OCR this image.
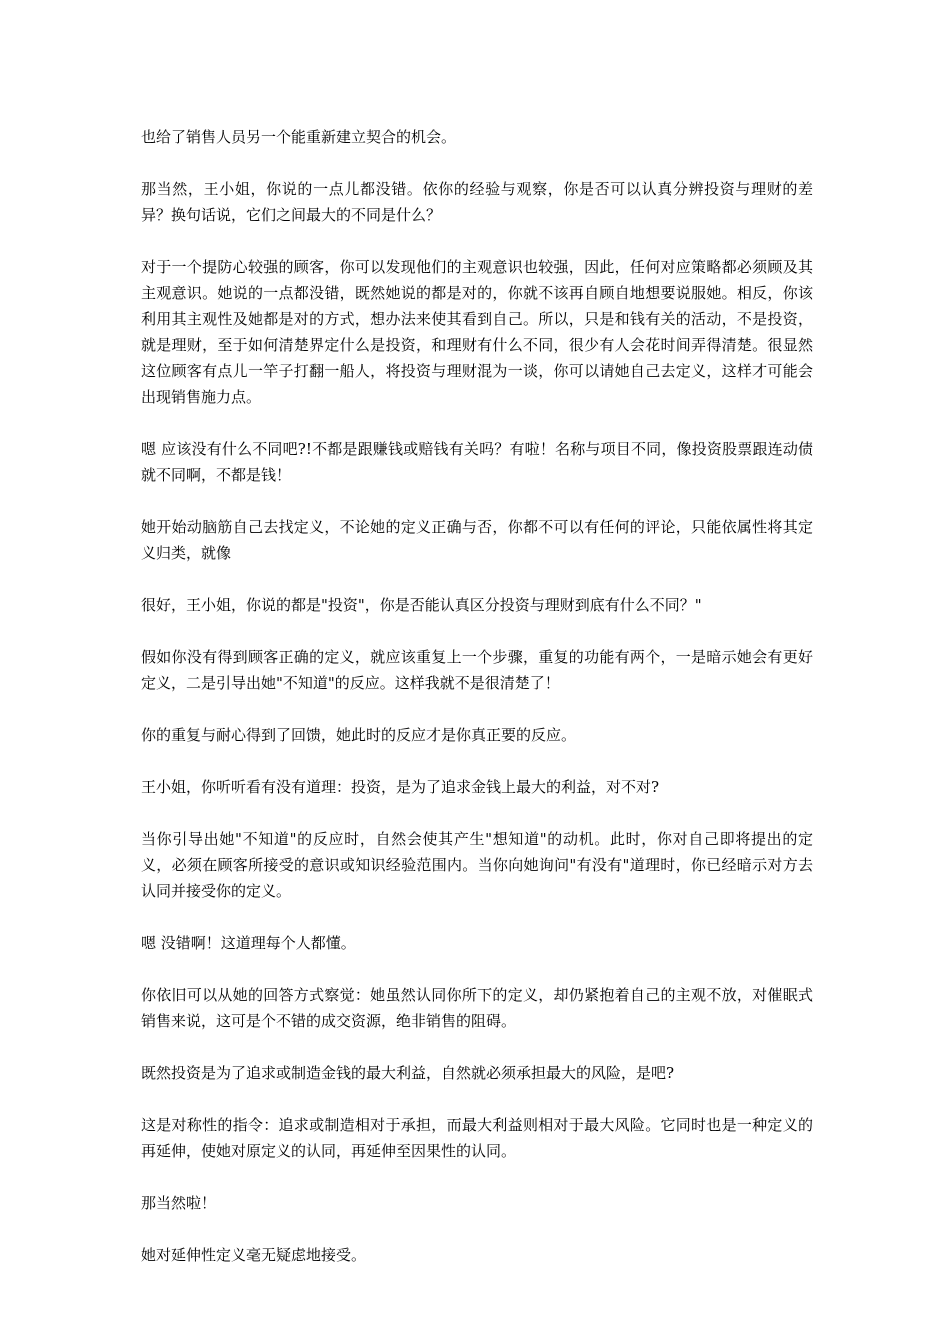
也给了销售人员另一个能重新建立契合的机会。

那当然，王小姐，你说的一点儿都没错。依你的经验与观察，你是否可以认真分辨投资与理财的差异？换句话说，它们之间最大的不同是什么？

对于一个提防心较强的顾客，你可以发现他们的主观意识也较强，因此，任何对应策略都必须顾及其主观意识。她说的一点都没错，既然她说的都是对的，你就不该再自顾自地想要说服她。相反，你该利用其主观性及她都是对的方式，想办法来使其看到自己。所以，只是和钱有关的活动，不是投资，就是理财，至于如何清楚界定什么是投资，和理财有什么不同，很少有人会花时间弄得清楚。很显然这位顾客有点儿一竿子打翻一船人，将投资与理财混为一谈，你可以请她自己去定义，这样才可能会出现销售施力点。

嗯 应该没有什么不同吧?!不都是跟赚钱或赔钱有关吗？有啦！名称与项目不同，像投资股票跟连动债就不同啊，不都是钱！

她开始动脑筋自己去找定义，不论她的定义正确与否，你都不可以有任何的评论，只能依属性将其定义归类，就像

很好，王小姐，你说的都是"投资"，你是否能认真区分投资与理财到底有什么不同？"

假如你没有得到顾客正确的定义，就应该重复上一个步骤，重复的功能有两个，一是暗示她会有更好定义，二是引导出她"不知道"的反应。这样我就不是很清楚了！

你的重复与耐心得到了回馈，她此时的反应才是你真正要的反应。

王小姐，你听听看有没有道理：投资，是为了追求金钱上最大的利益，对不对?

当你引导出她"不知道"的反应时，自然会使其产生"想知道"的动机。此时，你对自己即将提出的定义，必须在顾客所接受的意识或知识经验范围内。当你向她询问"有没有"道理时，你已经暗示对方去认同并接受你的定义。

嗯 没错啊！这道理每个人都懂。

你依旧可以从她的回答方式察觉：她虽然认同你所下的定义，却仍紧抱着自己的主观不放，对催眠式销售来说，这可是个不错的成交资源，绝非销售的阻碍。

既然投资是为了追求或制造金钱的最大利益，自然就必须承担最大的风险，是吧?

这是对称性的指令：追求或制造相对于承担，而最大利益则相对于最大风险。它同时也是一种定义的再延伸，使她对原定义的认同，再延伸至因果性的认同。

那当然啦！

她对延伸性定义毫无疑虑地接受。
